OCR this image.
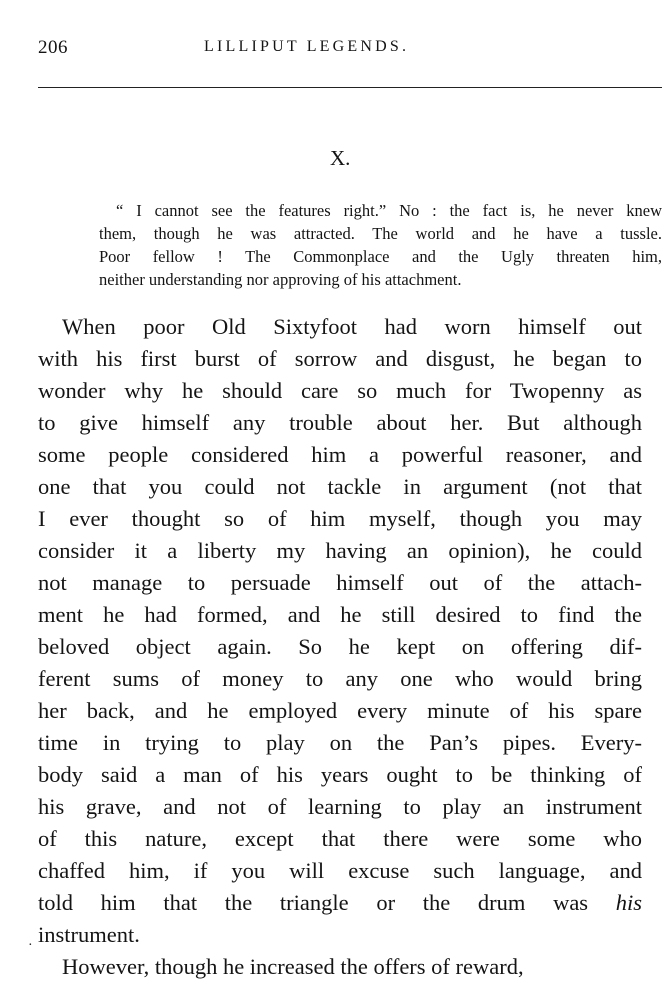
206	LILLIPUT LEGENDS.
X.
“ I cannot see the features right.” No : the fact is, he never knew
them, though he was attracted. The world and he have a tussle.
Poor fellow ! The Commonplace and the Ugly threaten him,
neither understanding nor approving of his attachment.
When poor Old Sixtyfoot had worn himself out
with his first burst of sorrow and disgust, he began to
wonder why he should care so much for Twopenny as
to give himself any trouble about her. But although
some people considered him a powerful reasoner, and
one that you could not tackle in argument (not that
I ever thought so of him myself, though you may
consider it a liberty my having an opinion), he could
not manage to persuade himself out of the attach-
ment he had formed, and he still desired to find the
beloved object again. So he kept on offering dif-
ferent sums of money to any one who would bring
her back, and he employed every minute of his spare
time in trying to play on the Pan’s pipes. Every-
body said a man of his years ought to be thinking of
his grave, and not of learning to play an instrument
of this nature, except that there were some who
chaffed him, if you will excuse such language, and
told him that the triangle or the drum was his
instrument.
However, though he increased the offers of reward,
·
